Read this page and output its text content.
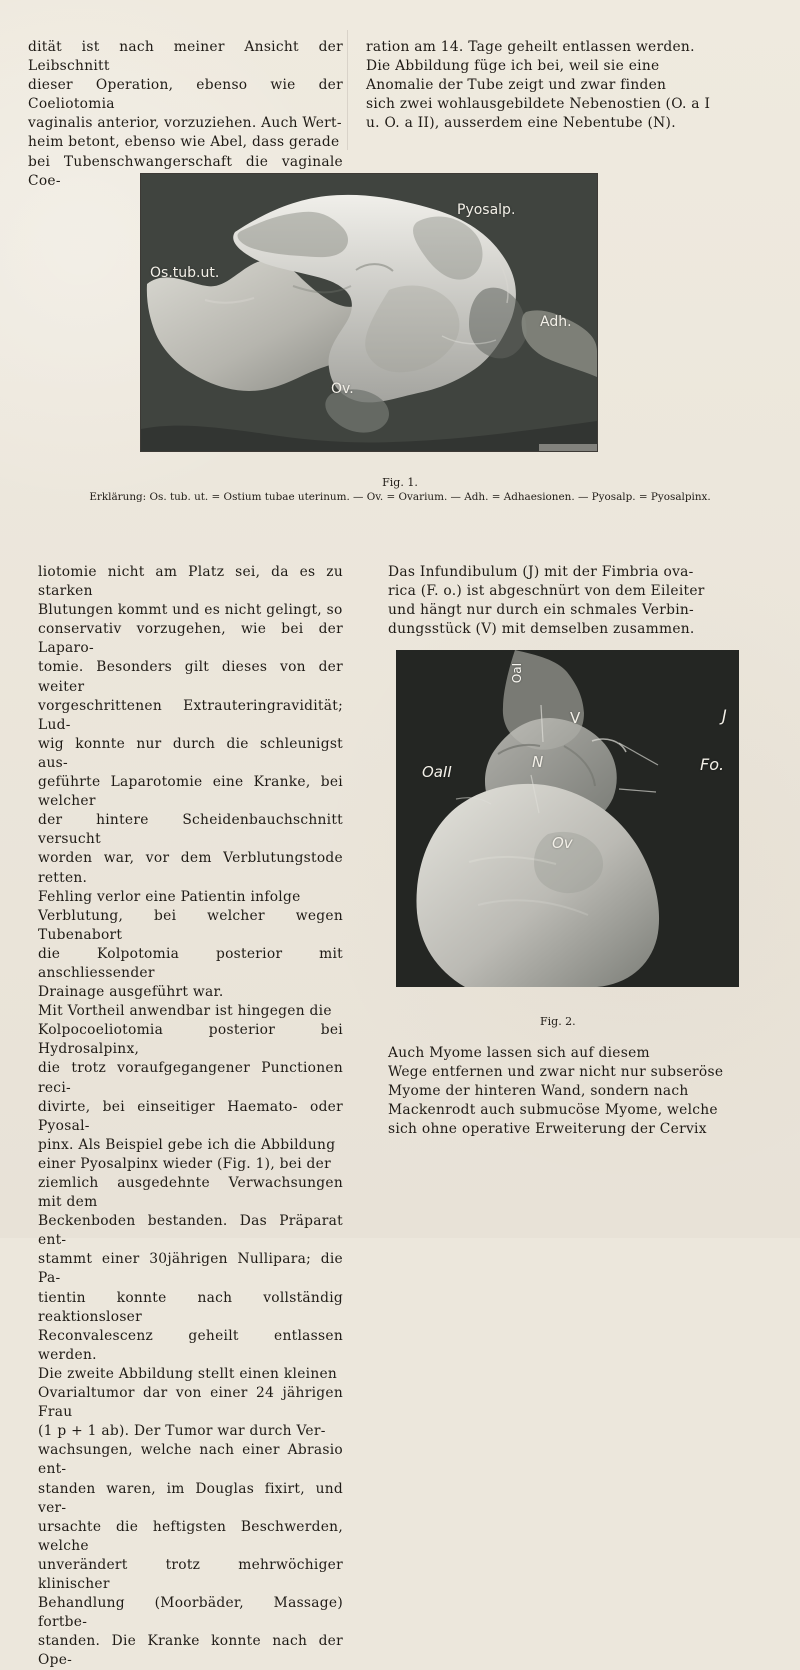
dität ist nach meiner Ansicht der Leibschnitt

dieser Operation, ebenso wie der Coeliotomia

vaginalis anterior, vorzuziehen. Auch Wert-

heim betont, ebenso wie Abel, dass gerade

bei Tubenschwangerschaft die vaginale Coe-

ration am 14. Tage geheilt entlassen werden.

Die Abbildung füge ich bei, weil sie eine

Anomalie der Tube zeigt und zwar finden

sich zwei wohlausgebildete Nebenostien (O. a I

u. O. a II), ausserdem eine Nebentube (N).

Os.tub.ut.
Pyosalp.
Adh.
Ov.
Fig. 1.

Erklärung: Os. tub. ut. = Ostium tubae uterinum. — Ov. = Ovarium. — Adh. = Adhaesionen. — Pyosalp. = Pyosalpinx.

liotomie nicht am Platz sei, da es zu starken

Blutungen kommt und es nicht gelingt, so

conservativ vorzugehen, wie bei der Laparo-

tomie. Besonders gilt dieses von der weiter

vorgeschrittenen Extrauteringravidität; Lud-

wig konnte nur durch die schleunigst aus-

geführte Laparotomie eine Kranke, bei welcher

der hintere Scheidenbauchschnitt versucht

worden war, vor dem Verblutungstode retten.

Fehling verlor eine Patientin infolge

Verblutung, bei welcher wegen Tubenabort

die Kolpotomia posterior mit anschliessender

Drainage ausgeführt war.

Mit Vortheil anwendbar ist hingegen die

Kolpocoeliotomia posterior bei Hydrosalpinx,

die trotz voraufgegangener Punctionen reci-

divirte, bei einseitiger Haemato- oder Pyosal-

pinx. Als Beispiel gebe ich die Abbildung

einer Pyosalpinx wieder (Fig. 1), bei der

ziemlich ausgedehnte Verwachsungen mit dem

Beckenboden bestanden. Das Präparat ent-

stammt einer 30jährigen Nullipara; die Pa-

tientin konnte nach vollständig reaktionsloser

Reconvalescenz geheilt entlassen werden.

Die zweite Abbildung stellt einen kleinen

Ovarialtumor dar von einer 24 jährigen Frau

(1 p + 1 ab). Der Tumor war durch Ver-

wachsungen, welche nach einer Abrasio ent-

standen waren, im Douglas fixirt, und ver-

ursachte die heftigsten Beschwerden, welche

unverändert trotz mehrwöchiger klinischer

Behandlung (Moorbäder, Massage) fortbe-

standen. Die Kranke konnte nach der Ope-

Das Infundibulum (J) mit der Fimbria ova-

rica (F. o.) ist abgeschnürt von dem Eileiter

und hängt nur durch ein schmales Verbin-

dungsstück (V) mit demselben zusammen.

OaI
V	J
Fo.
OaII
N
Ov
Fig. 2.

Auch Myome lassen sich auf diesem

Wege entfernen und zwar nicht nur subseröse

Myome der hinteren Wand, sondern nach

Mackenrodt auch submucöse Myome, welche

sich ohne operative Erweiterung der Cervix
